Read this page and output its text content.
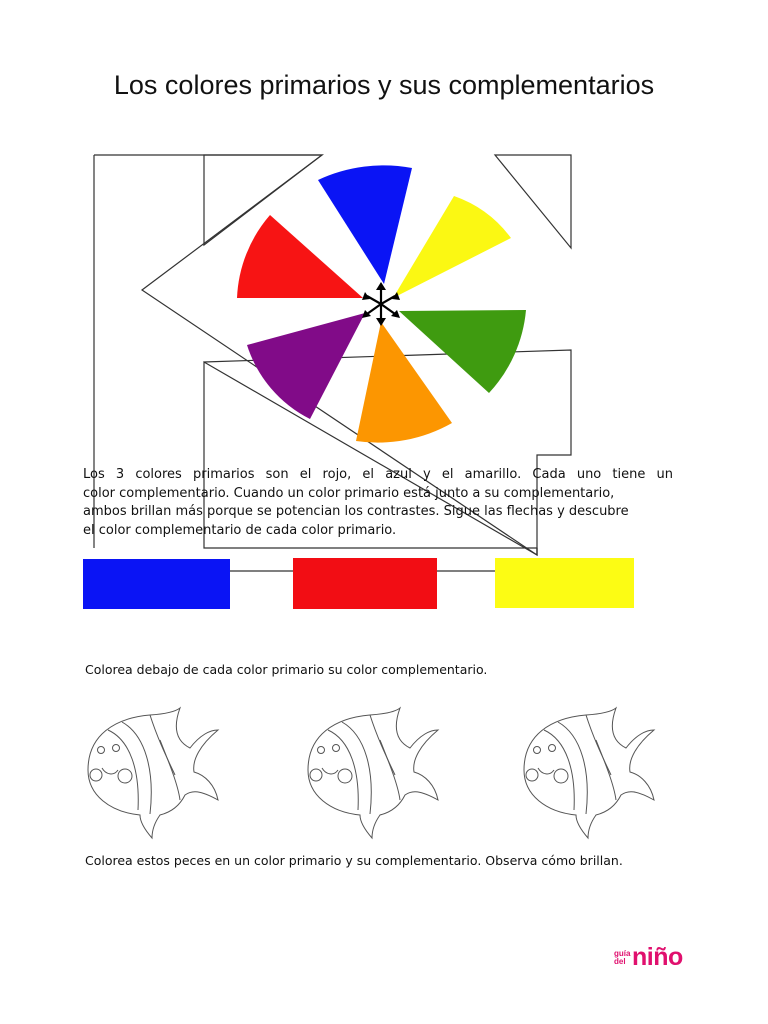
Los colores primarios y sus complementarios

Los 3 colores primarios son el rojo, el azul y el amarillo. Cada uno tiene un
color complementario. Cuando un color primario está junto a su complementario,
ambos brillan más porque se potencian los contrastes. Sigue las flechas y descubre
el color complementario de cada color primario.

Colorea debajo de cada color primario su color complementario.

Colorea estos peces en un color primario y su complementario. Observa cómo brillan.

guía del niño
